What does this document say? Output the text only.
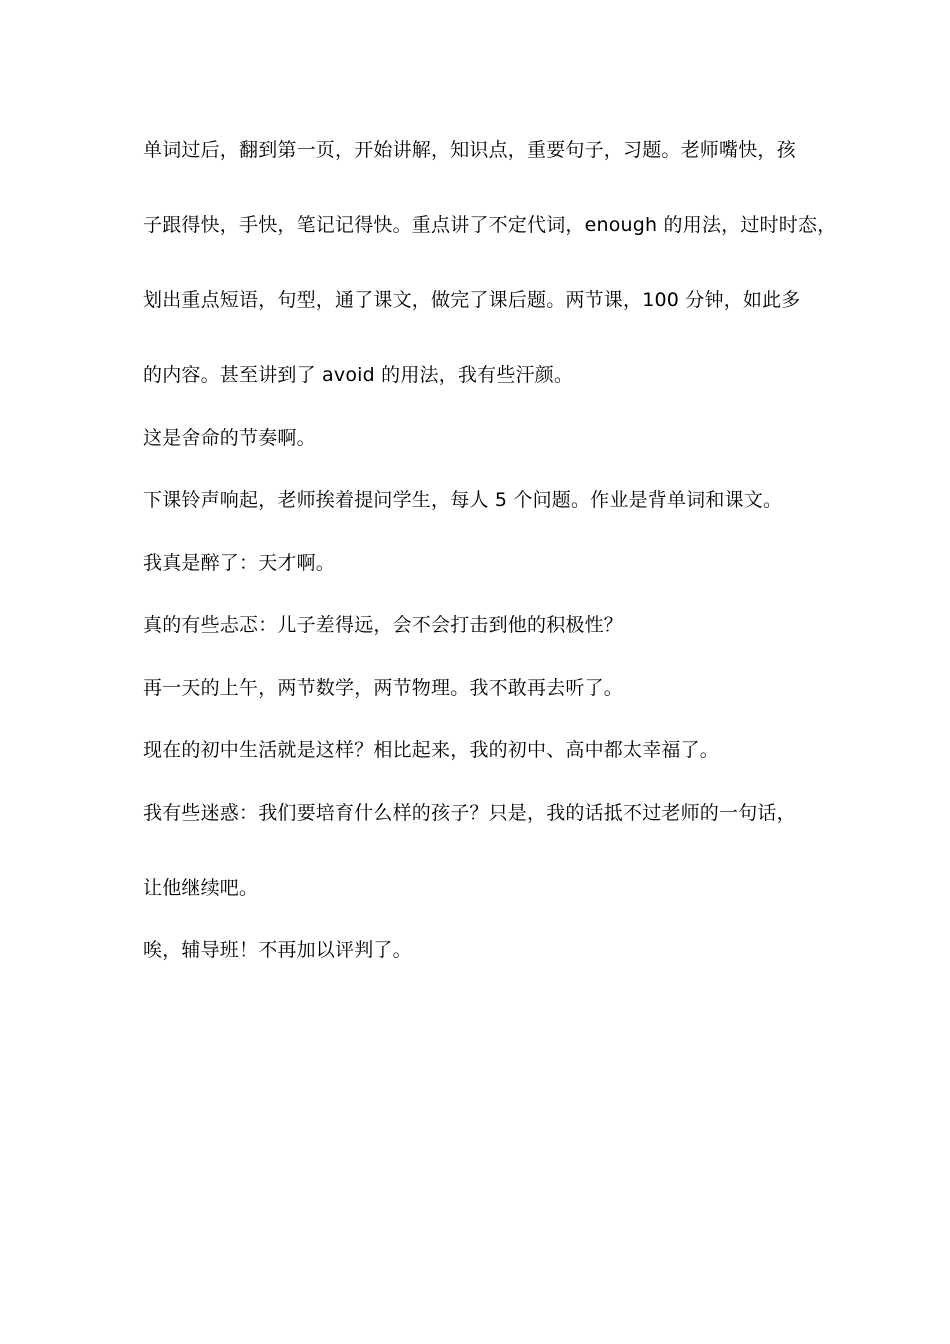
单词过后，翻到第一页，开始讲解，知识点，重要句子，习题。老师嘴快，孩
子跟得快，手快，笔记记得快。重点讲了不定代词，enough 的用法，过时时态，
划出重点短语，句型，通了课文，做完了课后题。两节课，100 分钟，如此多
的内容。甚至讲到了 avoid 的用法，我有些汗颜。
这是舍命的节奏啊。
下课铃声响起，老师挨着提问学生，每人 5 个问题。作业是背单词和课文。
我真是醉了：天才啊。
真的有些忐忑：儿子差得远，会不会打击到他的积极性？
再一天的上午，两节数学，两节物理。我不敢再去听了。
现在的初中生活就是这样？相比起来，我的初中、高中都太幸福了。
我有些迷惑：我们要培育什么样的孩子？只是，我的话抵不过老师的一句话，
让他继续吧。
唉，辅导班！不再加以评判了。
